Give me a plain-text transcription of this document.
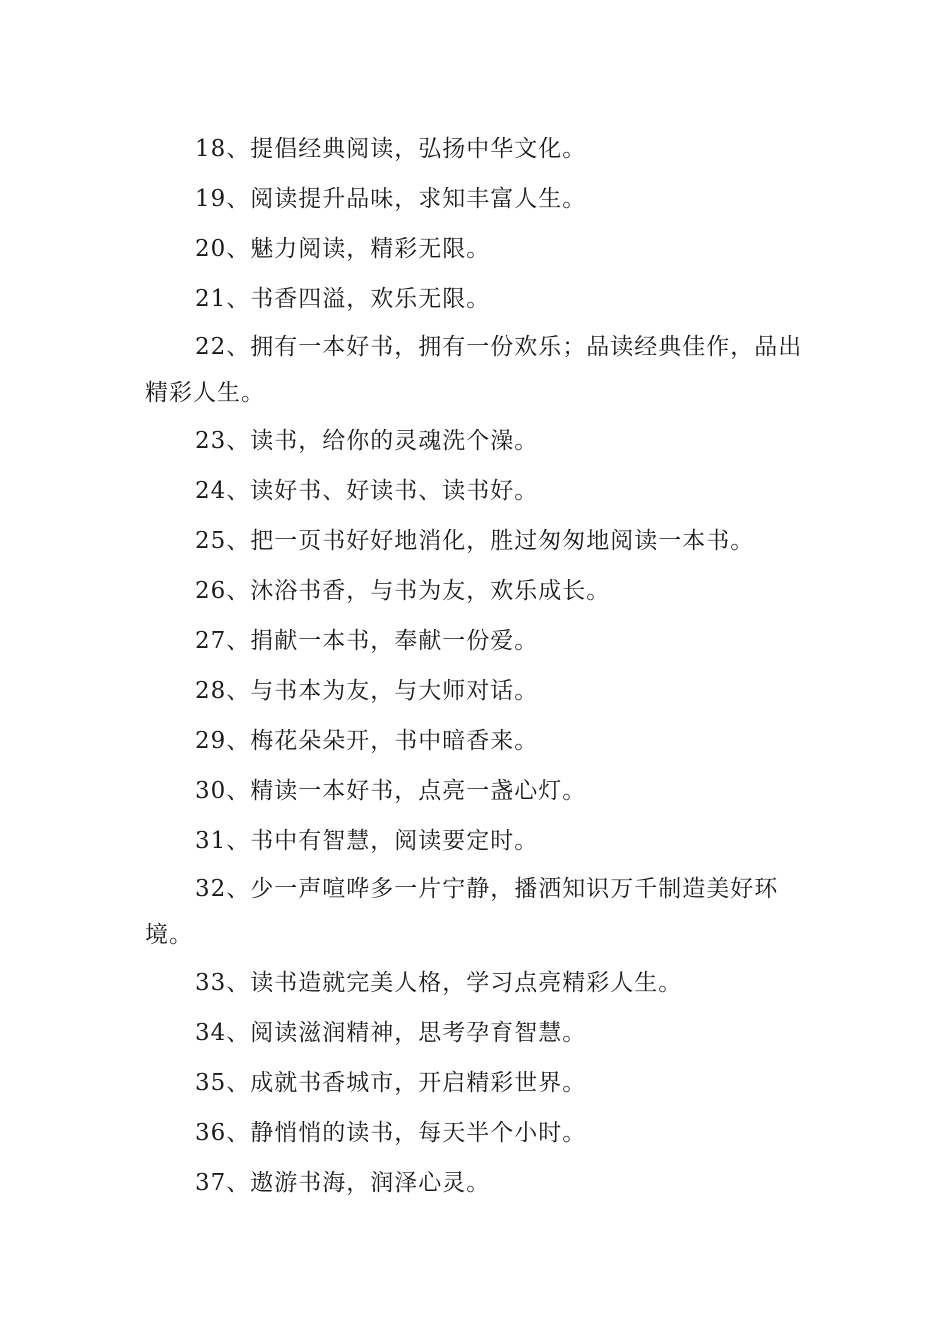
18、提倡经典阅读，弘扬中华文化。

19、阅读提升品味，求知丰富人生。

20、魅力阅读，精彩无限。

21、书香四溢，欢乐无限。

22、拥有一本好书，拥有一份欢乐；品读经典佳作，品出精彩人生。

23、读书，给你的灵魂洗个澡。

24、读好书、好读书、读书好。

25、把一页书好好地消化，胜过匆匆地阅读一本书。

26、沐浴书香，与书为友，欢乐成长。

27、捐献一本书，奉献一份爱。

28、与书本为友，与大师对话。

29、梅花朵朵开，书中暗香来。

30、精读一本好书，点亮一盏心灯。

31、书中有智慧，阅读要定时。

32、少一声喧哗多一片宁静，播洒知识万千制造美好环境。

33、读书造就完美人格，学习点亮精彩人生。

34、阅读滋润精神，思考孕育智慧。

35、成就书香城市，开启精彩世界。

36、静悄悄的读书，每天半个小时。

37、遨游书海，润泽心灵。
